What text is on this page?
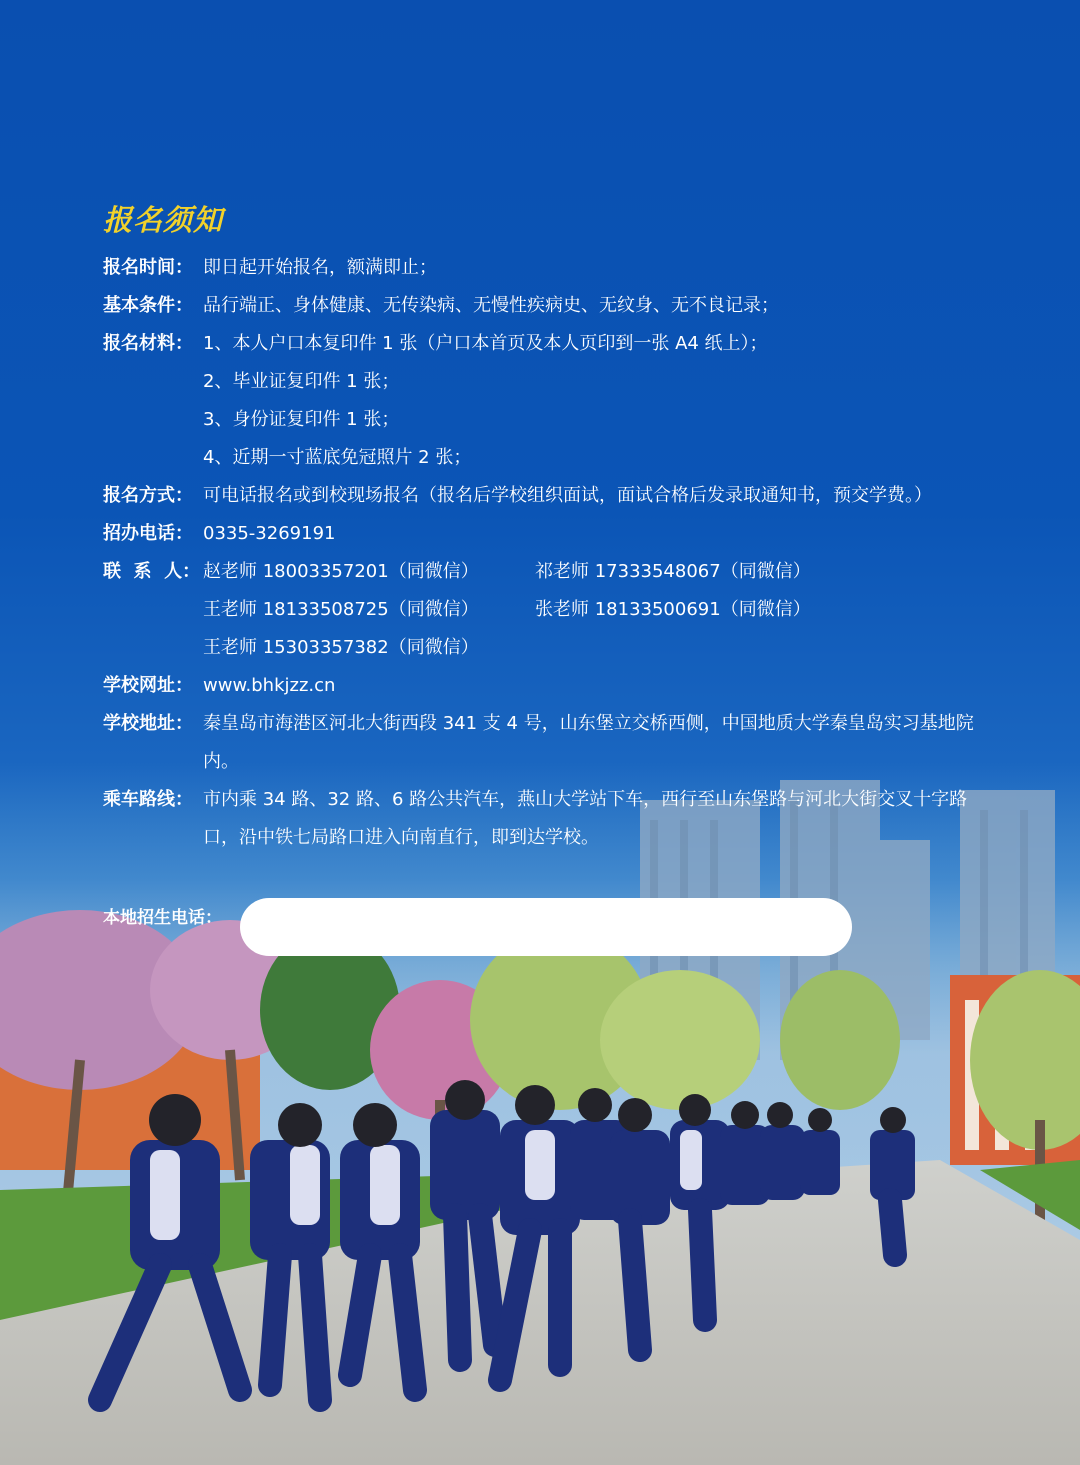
报名须知
报名时间： 即日起开始报名，额满即止；
基本条件： 品行端正、身体健康、无传染病、无慢性疾病史、无纹身、无不良记录；
报名材料： 1、本人户口本复印件 1 张（户口本首页及本人页印到一张 A4 纸上）；
2、毕业证复印件 1 张；
3、身份证复印件 1 张；
4、近期一寸蓝底免冠照片 2 张；
报名方式： 可电话报名或到校现场报名（报名后学校组织面试，面试合格后发录取通知书，预交学费。）
招办电话： 0335-3269191
联  系  人： 赵老师 18003357201（同微信）	祁老师 17333548067（同微信）
王老师 18133508725（同微信）	张老师 18133500691（同微信）
王老师 15303357382（同微信）
学校网址： www.bhkjzz.cn
学校地址： 秦皇岛市海港区河北大街西段 341 支 4 号，山东堡立交桥西侧，中国地质大学秦皇岛实习基地院内。
乘车路线： 市内乘 34 路、32 路、6 路公共汽车，燕山大学站下车，西行至山东堡路与河北大街交叉十字路口，沿中铁七局路口进入向南直行，即到达学校。
本地招生电话：
